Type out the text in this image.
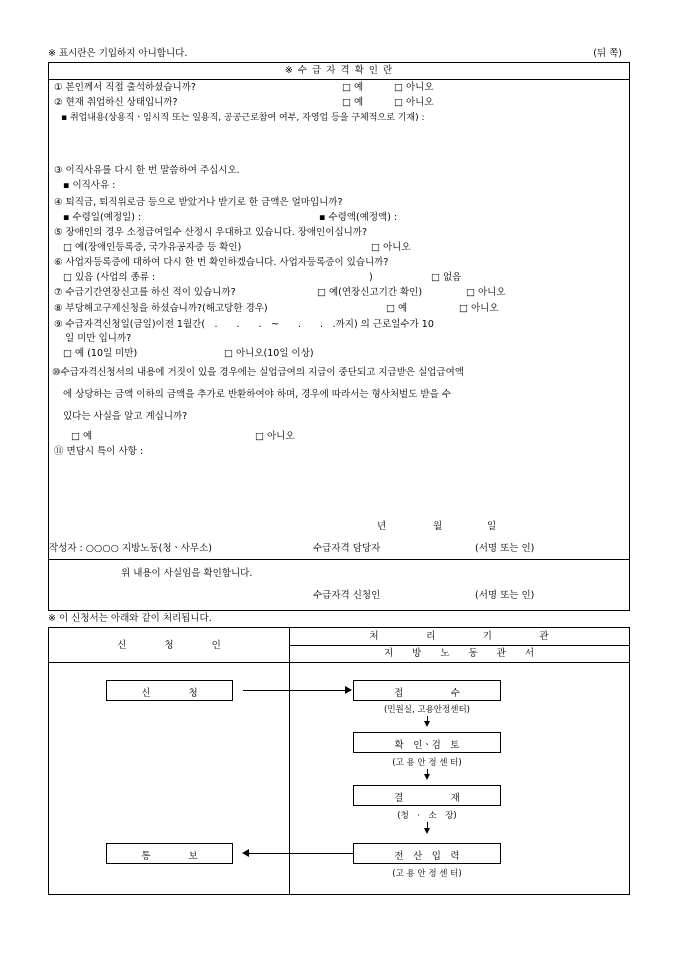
※ 표시란은 기입하지 아니합니다.	(뒤 쪽)
※ 수 급 자 격 확 인 란
① 본인께서 직접 출석하셨습니까?	□ 예	□ 아니오
② 현재 취업하신 상태입니까?	□ 예	□ 아니오
▪ 취업내용(상용직ㆍ임시직 또는 일용직, 공공근로참여 여부, 자영업 등을 구체적으로 기재) :
③ 이직사유를 다시 한 번 말씀하여 주십시오.
▪ 이직사유 :
④ 퇴직금, 퇴직위로금 등으로 받았거나 받기로 한 금액은 얼마입니까?
▪ 수령일(예정일) :	▪ 수령액(예정액) :
⑤ 장애인의 경우 소정급여일수 산정시 우대하고 있습니다. 장애인이십니까?
□ 예(장애인등록증, 국가유공자증 등 확인)	□ 아니오
⑥ 사업자등록증에 대하여 다시 한 번 확인하겠습니다. 사업자등록증이 있습니까?
□ 있음 (사업의 종류 :	)	□ 없음
⑦ 수급기간연장신고를 하신 적이 있습니까?	□ 예(연장신고기간 확인)	□ 아니오
⑧ 부당해고구제신청을 하셨습니까?(해고당한 경우)	□ 예	□ 아니오
⑨ 수급자격신청일(금일)이전 1월간(　.　　.　　.　~　　.　　.　.까지) 의 근로일수가 10
일 미만 입니까?
□ 예 (10일 미만)	□ 아니오(10일 이상)
⑩수급자격신청서의 내용에 거짓이 있을 경우에는 실업급여의 지급이 중단되고 지급받은 실업급여액
에 상당하는 금액 이하의 금액을 추가로 반환하여야 하며, 경우에 따라서는 형사처벌도 받을 수
있다는 사실을 알고 계십니까?
□ 예	□ 아니오
⑪ 면담시 특이 사항 :
년	월	일
작성자 : ○○○○ 지방노동(청ㆍ사무소)	수급자격 담당자	(서명 또는 인)
위 내용이 사실임을 확인합니다.
수급자격 신청인	(서명 또는 인)
※ 이 신청서는 아래와 같이 처리됩니다.
신　　　　청　　　　인
처　　　　　리　　　　　기　　　　　관
지　　방　　노　　동　　관　　서
신　　　　청
통　　　　보
접　　　　　수
(민원실, 고용안정센터)
확　인ㆍ검　토
(고 용 안 정 센 터)
결　　　　　재
(청　·　소　장)
전　산　입　력
(고 용 안 정 센 터)
